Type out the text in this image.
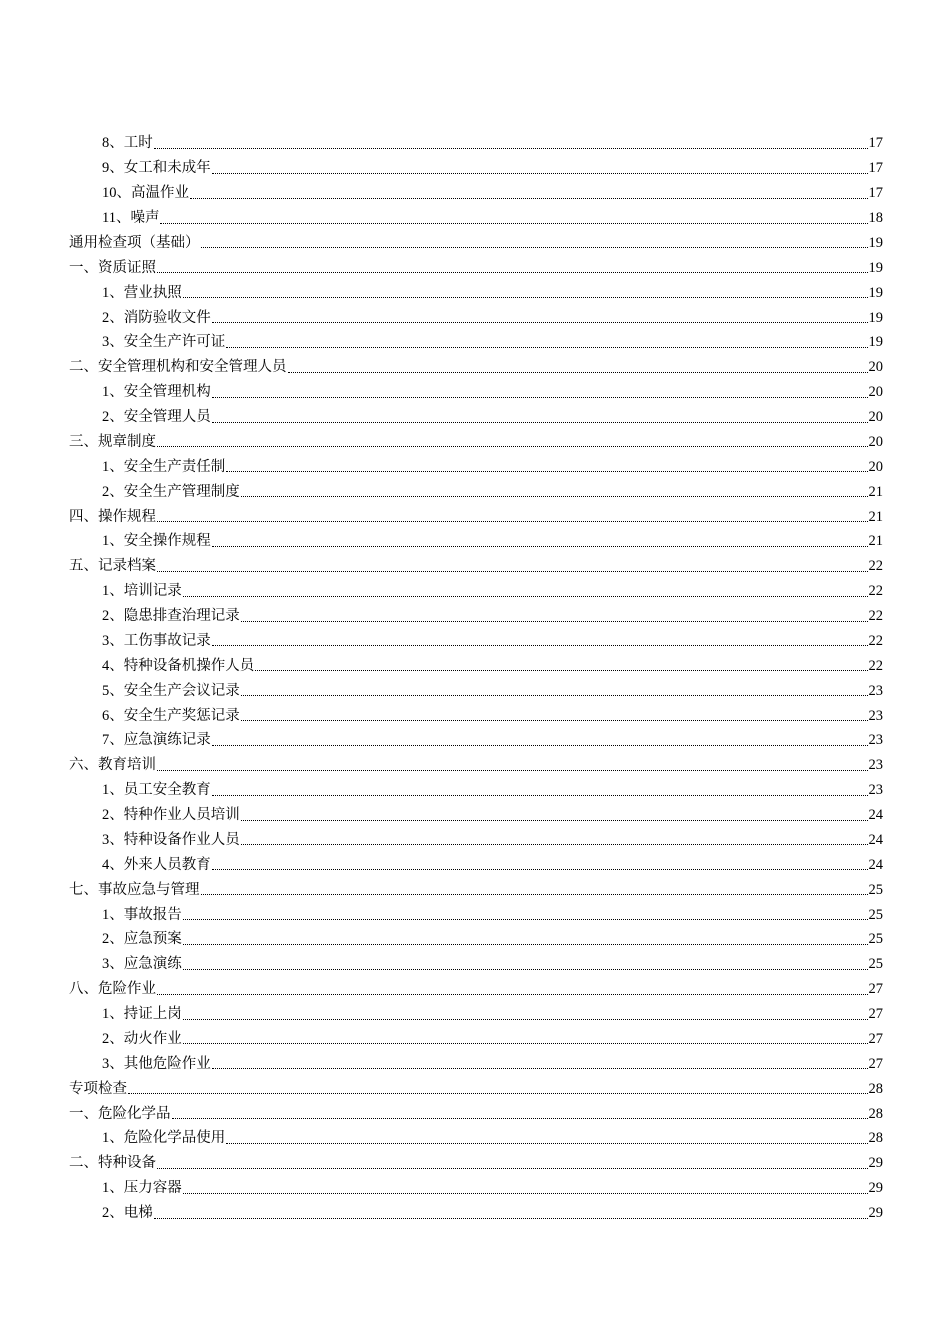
8、工时	17
9、女工和未成年	17
10、高温作业	17
11、噪声	18
通用检查项（基础）	19
一、资质证照	19
1、营业执照	19
2、消防验收文件	19
3、安全生产许可证	19
二、安全管理机构和安全管理人员	20
1、安全管理机构	20
2、安全管理人员	20
三、规章制度	20
1、安全生产责任制	20
2、安全生产管理制度	21
四、操作规程	21
1、安全操作规程	21
五、记录档案	22
1、培训记录	22
2、隐患排查治理记录	22
3、工伤事故记录	22
4、特种设备机操作人员	22
5、安全生产会议记录	23
6、安全生产奖惩记录	23
7、应急演练记录	23
六、教育培训	23
1、员工安全教育	23
2、特种作业人员培训	24
3、特种设备作业人员	24
4、外来人员教育	24
七、事故应急与管理	25
1、事故报告	25
2、应急预案	25
3、应急演练	25
八、危险作业	27
1、持证上岗	27
2、动火作业	27
3、其他危险作业	27
专项检查	28
一、危险化学品	28
1、危险化学品使用	28
二、特种设备	29
1、压力容器	29
2、电梯	29
